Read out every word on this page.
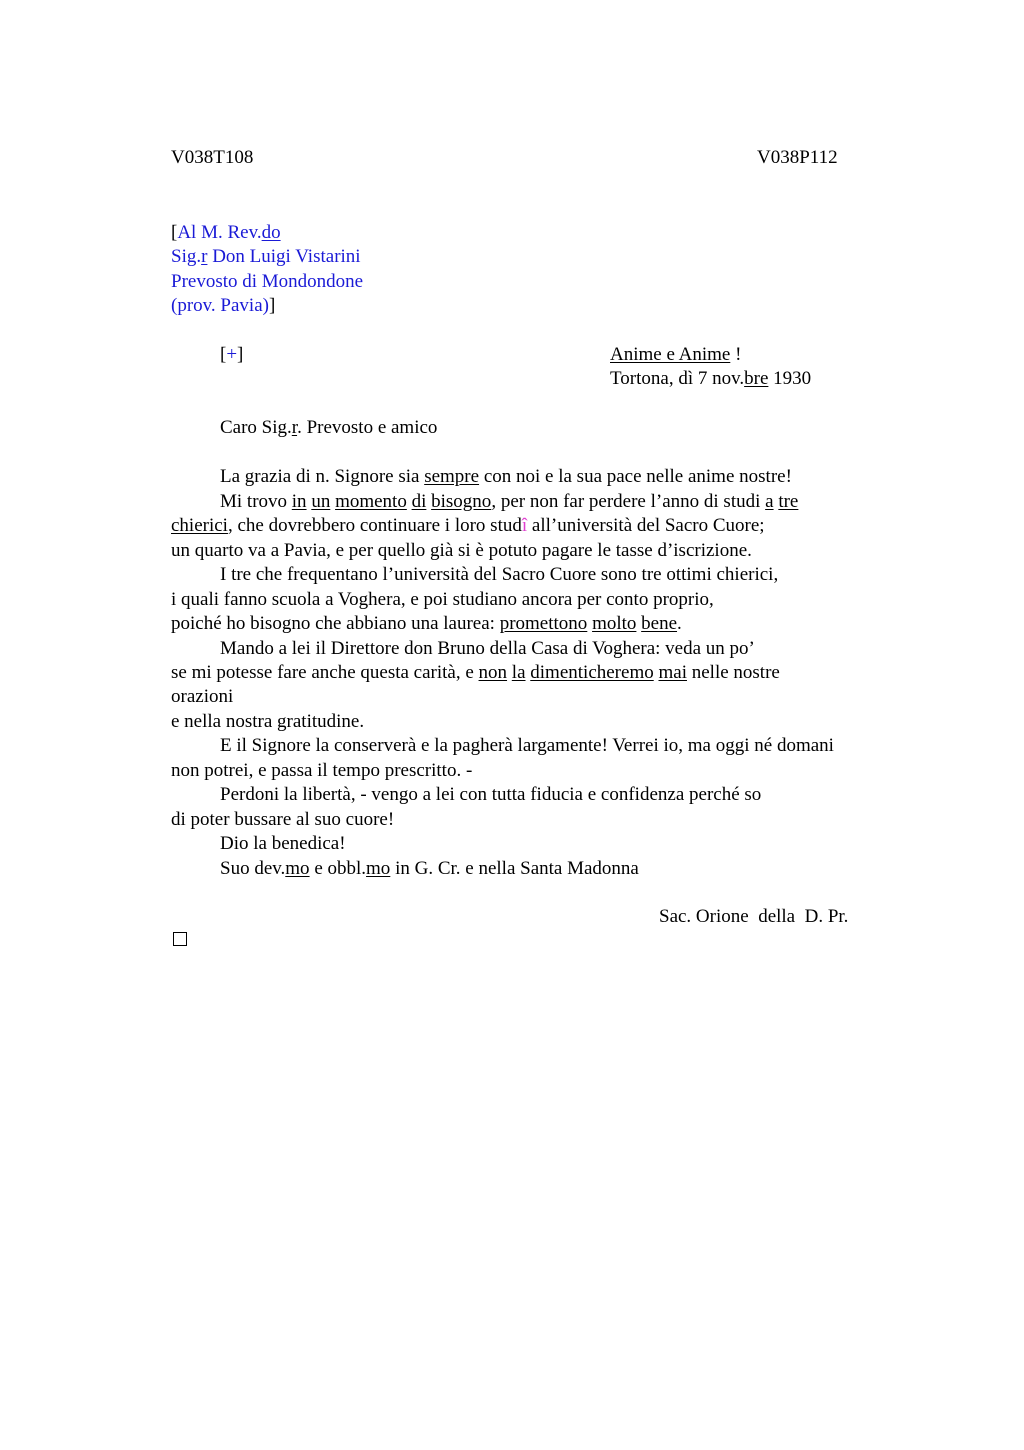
V038T108	V038P112
[Al M. Rev.do
Sig.r Don Luigi Vistarini
Prevosto di Mondondone
(prov. Pavia)]
[+]	Anime e Anime !
Tortona, dì 7 nov.bre 1930
Caro Sig.r. Prevosto e amico
La grazia di n. Signore sia sempre con noi e la sua pace nelle anime nostre!
Mi trovo in un momento di bisogno, per non far perdere l’anno di studi a tre
chierici, che dovrebbero continuare i loro studî all’università del Sacro Cuore;
un quarto va a Pavia, e per quello già si è potuto pagare le tasse d’iscrizione.
I tre che frequentano l’università del Sacro Cuore sono tre ottimi chierici,
i quali fanno scuola a Voghera, e poi studiano ancora per conto proprio,
poiché ho bisogno che abbiano una laurea: promettono molto bene.
Mando a lei il Direttore don Bruno della Casa di Voghera: veda un po’
se mi potesse fare anche questa carità, e non la dimenticheremo mai nelle nostre
orazioni
e nella nostra gratitudine.
E il Signore la conserverà e la pagherà largamente! Verrei io, ma oggi né domani
non potrei, e passa il tempo prescritto. -
Perdoni la libertà, - vengo a lei con tutta fiducia e confidenza perché so
di poter bussare al suo cuore!
Dio la benedica!
Suo dev.mo e obbl.mo in G. Cr. e nella Santa Madonna
Sac. Orione  della  D. Pr.
